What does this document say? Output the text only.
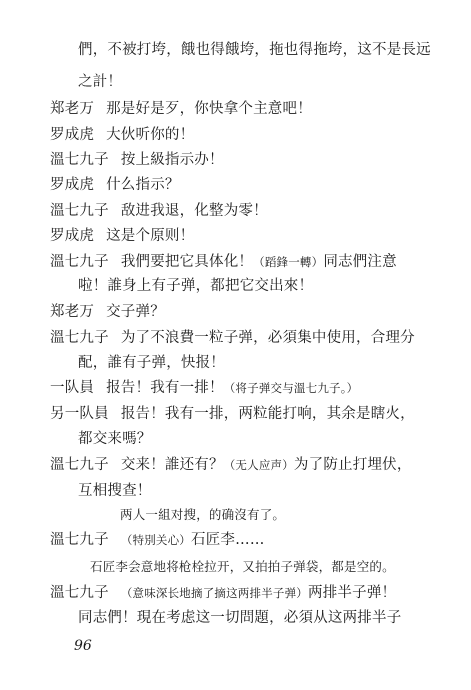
們，不被打垮，餓也得餓垮，拖也得拖垮，这不是長远
之計！
郑老万 那是好是歹，你快拿个主意吧！
罗成虎 大伙听你的！
溫七九子 按上級指示办！
罗成虎 什么指示？
溫七九子 敌进我退，化整为零！
罗成虎 这是个原则！
溫七九子 我們要把它具体化！（蹈鋒一轉）同志們注意
啦！誰身上有子弹，都把它交出來！
郑老万 交子弹？
溫七九子 为了不浪費一粒子弹，必須集中使用，合理分
配，誰有子弹，快报！
一队員 报告！我有一排！（将子弹交与溫七九子。）
另一队員 报告！我有一排，两粒能打响，其余是瞎火，
都交来嗎？
溫七九子 交来！誰还有？（无人应声）为了防止打埋伏，
互相搜查！
两人一組对搜，的确沒有了。
溫七九子 （特別关心）石匠李……
石匠李会意地将枪栓拉开，又拍拍子弹袋，都是空的。
溫七九子 （意味深长地摘了摘这两排半子弹）两排半子弹！
同志們！現在考虑这一切問題，必須从这两排半子
96
